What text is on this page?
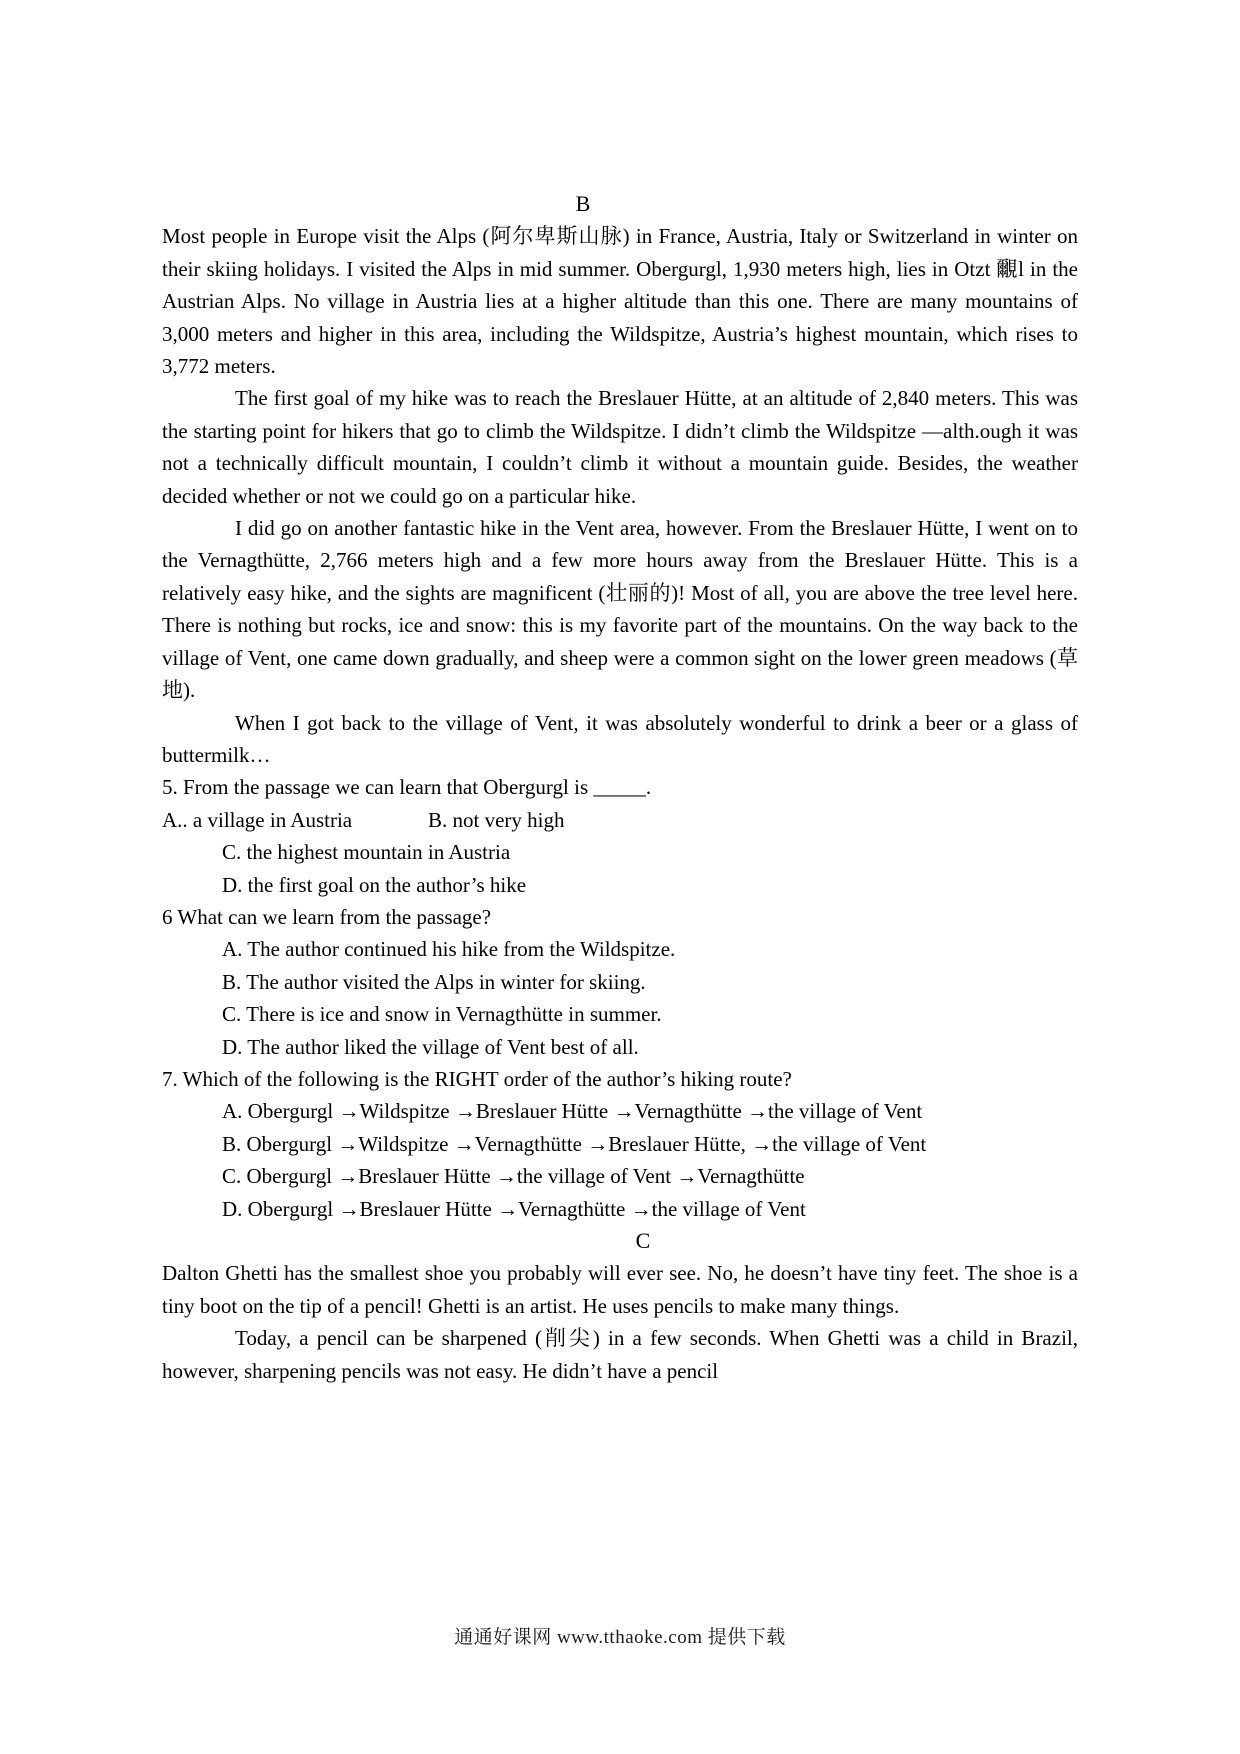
B

Most people in Europe visit the Alps (阿尔卑斯山脉) in France, Austria, Italy or Switzerland in winter on their skiing holidays. I visited the Alps in mid summer. Obergurgl, 1,930 meters high, lies in Otzt 覼l in the Austrian Alps. No village in Austria lies at a higher altitude than this one. There are many mountains of 3,000 meters and higher in this area, including the Wildspitze, Austria’s highest mountain, which rises to 3,772 meters.

The first goal of my hike was to reach the Breslauer Hütte, at an altitude of 2,840 meters. This was the starting point for hikers that go to climb the Wildspitze. I didn’t climb the Wildspitze —alth.ough it was not a technically difficult mountain, I couldn’t climb it without a mountain guide. Besides, the weather decided whether or not we could go on a particular hike.

I did go on another fantastic hike in the Vent area, however. From the Breslauer Hütte, I went on to the Vernagthütte, 2,766 meters high and a few more hours away from the Breslauer Hütte. This is a relatively easy hike, and the sights are magnificent (壮丽的)! Most of all, you are above the tree level here. There is nothing but rocks, ice and snow: this is my favorite part of the mountains. On the way back to the village of Vent, one came down gradually, and sheep were a common sight on the lower green meadows (草地).

When I got back to the village of Vent, it was absolutely wonderful to drink a beer or a glass of buttermilk…

5. From the passage we can learn that Obergurgl is _____.

A.. a village in Austria	B. not very high

C. the highest mountain in Austria

D. the first goal on the author’s hike

6 What can we learn from the passage?

A. The author continued his hike from the Wildspitze.

B. The author visited the Alps in winter for skiing.

C. There is ice and snow in Vernagthütte in summer.

D. The author liked the village of Vent best of all.

7. Which of the following is the RIGHT order of the author’s hiking route?

A. Obergurgl →Wildspitze →Breslauer Hütte →Vernagthütte →the village of Vent

B. Obergurgl →Wildspitze →Vernagthütte →Breslauer Hütte, →the village of Vent

C. Obergurgl →Breslauer Hütte →the village of Vent →Vernagthütte

D. Obergurgl →Breslauer Hütte →Vernagthütte →the village of Vent

C

Dalton Ghetti has the smallest shoe you probably will ever see. No, he doesn’t have tiny feet. The shoe is a tiny boot on the tip of a pencil! Ghetti is an artist. He uses pencils to make many things.

Today, a pencil can be sharpened (削尖) in a few seconds. When Ghetti was a child in Brazil, however, sharpening pencils was not easy. He didn’t have a pencil

通通好课网 www.tthaoke.com 提供下载
